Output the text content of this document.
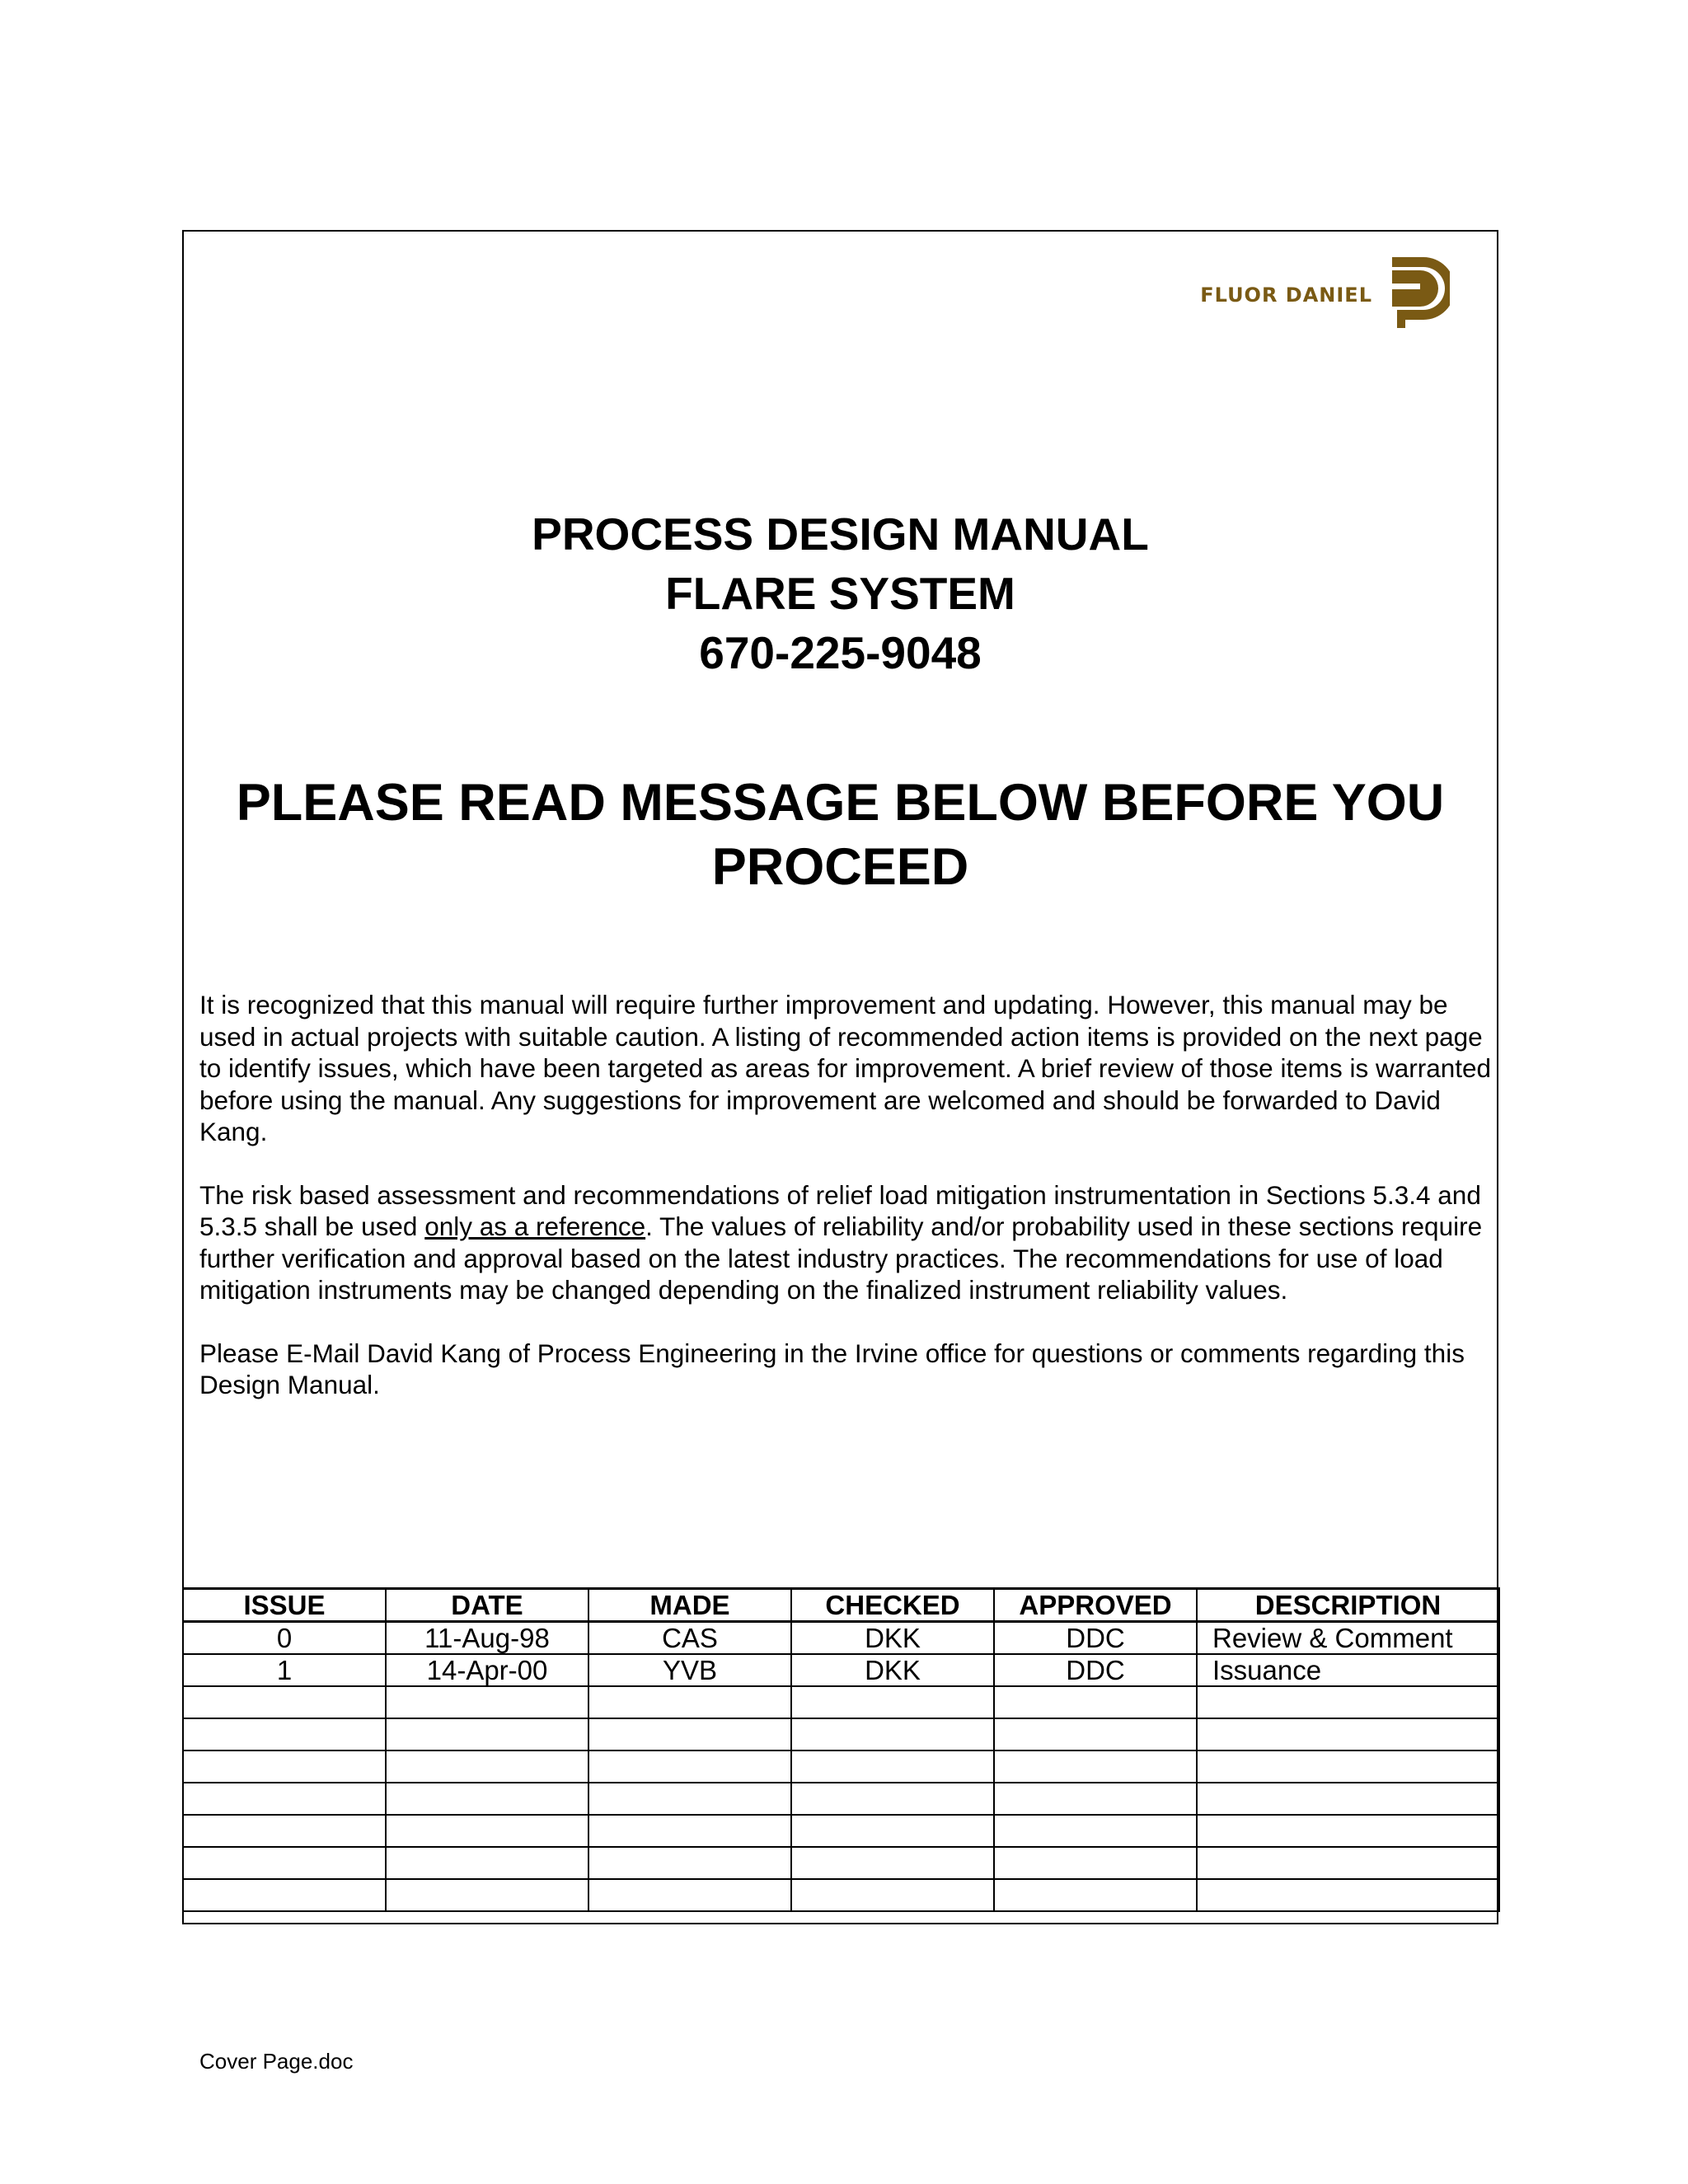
FLUOR DANIEL
PROCESS DESIGN MANUAL
FLARE SYSTEM
670-225-9048
PLEASE READ MESSAGE BELOW BEFORE YOU
PROCEED

It is recognized that this manual will require further improvement and updating. However, this manual may be used in actual projects with suitable caution. A listing of recommended action items is provided on the next page to identify issues, which have been targeted as areas for improvement. A brief review of those items is warranted before using the manual. Any suggestions for improvement are welcomed and should be forwarded to David Kang.

The risk based assessment and recommendations of relief load mitigation instrumentation in Sections 5.3.4 and 5.3.5 shall be used only as a reference. The values of reliability and/or probability used in these sections require further verification and approval based on the latest industry practices. The recommendations for use of load mitigation instruments may be changed depending on the finalized instrument reliability values.

Please E-Mail David Kang of Process Engineering in the Irvine office for questions or comments regarding this Design Manual.

ISSUE	DATE	MADE	CHECKED	APPROVED	DESCRIPTION
0	11-Aug-98	CAS	DKK	DDC	Review & Comment
1	14-Apr-00	YVB	DKK	DDC	Issuance

Cover Page.doc
